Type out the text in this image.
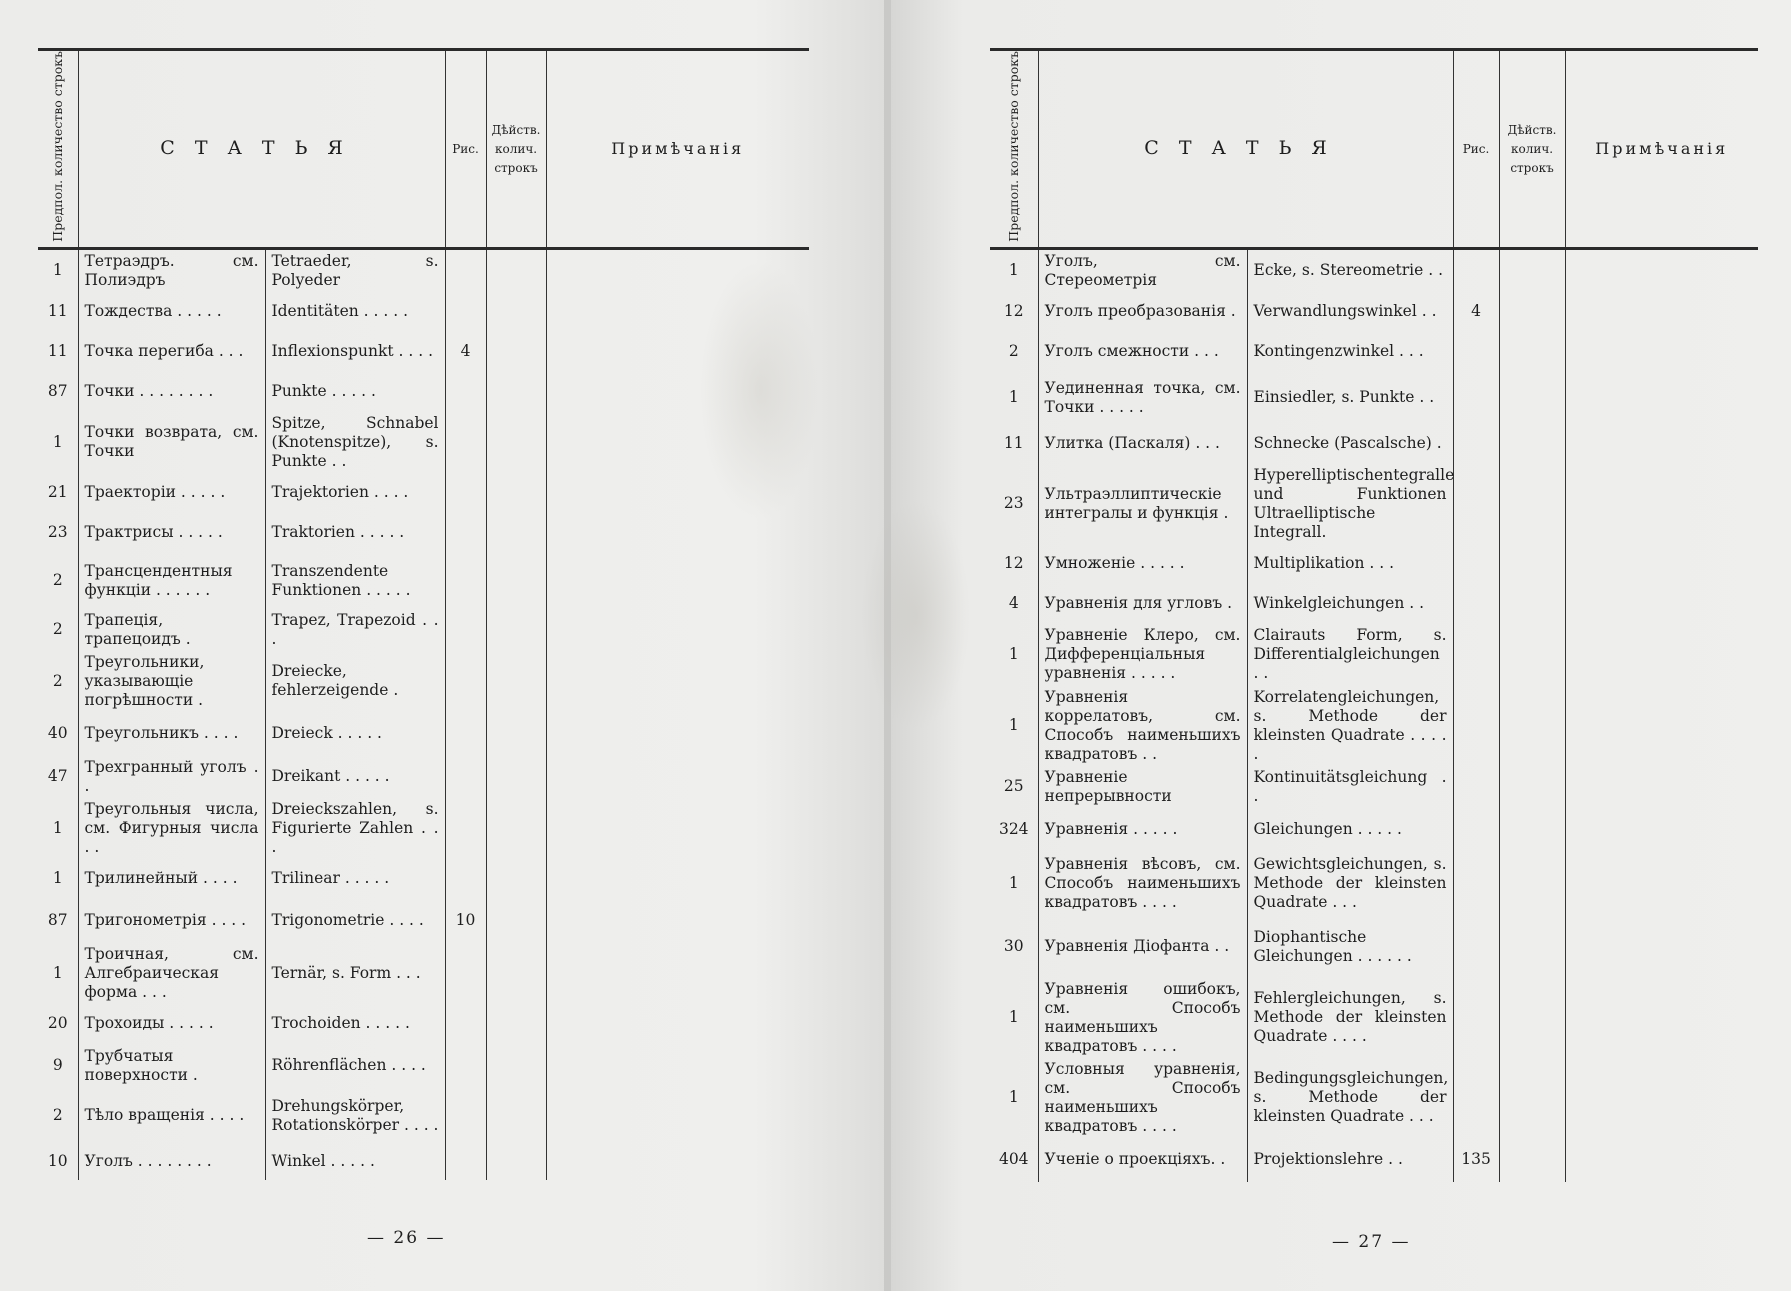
Предпол. количество строкъ	СТАТЬЯ		Рис.	Дѣйств. колич. строкъ	Примѣчанія
1	Тетраэдръ. см. Полиэдръ	Tetraeder, s. Polyeder			
11	Тождества . . . . .	Identitäten . . . . .			
11	Точка перегиба . . .	Inflexionspunkt . . . .	4		
87	Точки . . . . . . . .	Punkte . . . . .			
1	Точки возврата, см. Точки	Spitze, Schnabel (Knotenspitze), s. Punkte . .			
21	Траекторіи . . . . .	Trajektorien . . . .			
23	Трактрисы . . . . .	Traktorien . . . . .			
2	Трансцендентныя функціи . . . . . .	Transzendente Funktionen . . . . .			
2	Трапеція, трапецоидъ .	Trapez, Trapezoid . . .			
2	Треугольники, указывающіе погрѣшности .	Dreiecke, fehlerzeigende .			
40	Треугольникъ . . . .	Dreieck . . . . .			
47	Трехгранный уголъ . .	Dreikant . . . . .			
1	Треугольныя числа, см. Фигурныя числа . .	Dreieckszahlen, s. Figurierte Zahlen . . .			
1	Трилинейный . . . .	Trilinear . . . . .			
87	Тригонометрія . . . .	Trigonometrie . . . .	10		
1	Троичная, см. Алгебраическая форма . . .	Ternär, s. Form . . .			
20	Трохоиды . . . . .	Trochoiden . . . . .			
9	Трубчатыя поверхности .	Röhrenflächen . . . .			
2	Тѣло вращенія . . . .	Drehungskörper, Rotationskörper . . . .			
10	Уголъ . . . . . . . .	Winkel . . . . .			
— 26 —	— 27 —
Предпол. количество строкъ	СТАТЬЯ		Рис.	Дѣйств. колич. строкъ	Примѣчанія
1	Уголъ, см. Стереометрія	Ecke, s. Stereometrie . .			
12	Уголъ преобразованія .	Verwandlungswinkel . .	4		
2	Уголъ смежности . . .	Kontingenzwinkel . . .			
1	Уединенная точка, см. Точки . . . . .	Einsiedler, s. Punkte . .			
11	Улитка (Паскаля) . . .	Schnecke (Pascalsche) .			
23	Ультраэллиптическіе интегралы и функція .	Hyperelliptischentegralle und Funktionen Ultraelliptische Integrall.			
12	Умноженіе . . . . .	Multiplikation . . .			
4	Уравненія для угловъ .	Winkelgleichungen . .			
1	Уравненіе Клеро, см. Дифференціальныя уравненія . . . . .	Clairauts Form, s. Differentialgleichungen . .			
1	Уравненія коррелатовъ, см. Способъ наименьшихъ квадратовъ . .	Korrelatengleichungen, s. Methode der kleinsten Quadrate . . . . .			
25	Уравненіе непрерывности	Kontinuitätsgleichung . .			
324	Уравненія . . . . .	Gleichungen . . . . .			
1	Уравненія вѣсовъ, см. Способъ наименьшихъ квадратовъ . . . .	Gewichtsgleichungen, s. Methode der kleinsten Quadrate . . .			
30	Уравненія Діофанта . .	Diophantische Gleichungen . . . . . .			
1	Уравненія ошибокъ, см. Способъ наименьшихъ квадратовъ . . . .	Fehlergleichungen, s. Methode der kleinsten Quadrate . . . .			
1	Условныя уравненія, см. Способъ наименьшихъ квадратовъ . . . .	Bedingungsgleichungen, s. Methode der kleinsten Quadrate . . .			
404	Ученіе о проекціяхъ. .	Projektionslehre . .	135		
